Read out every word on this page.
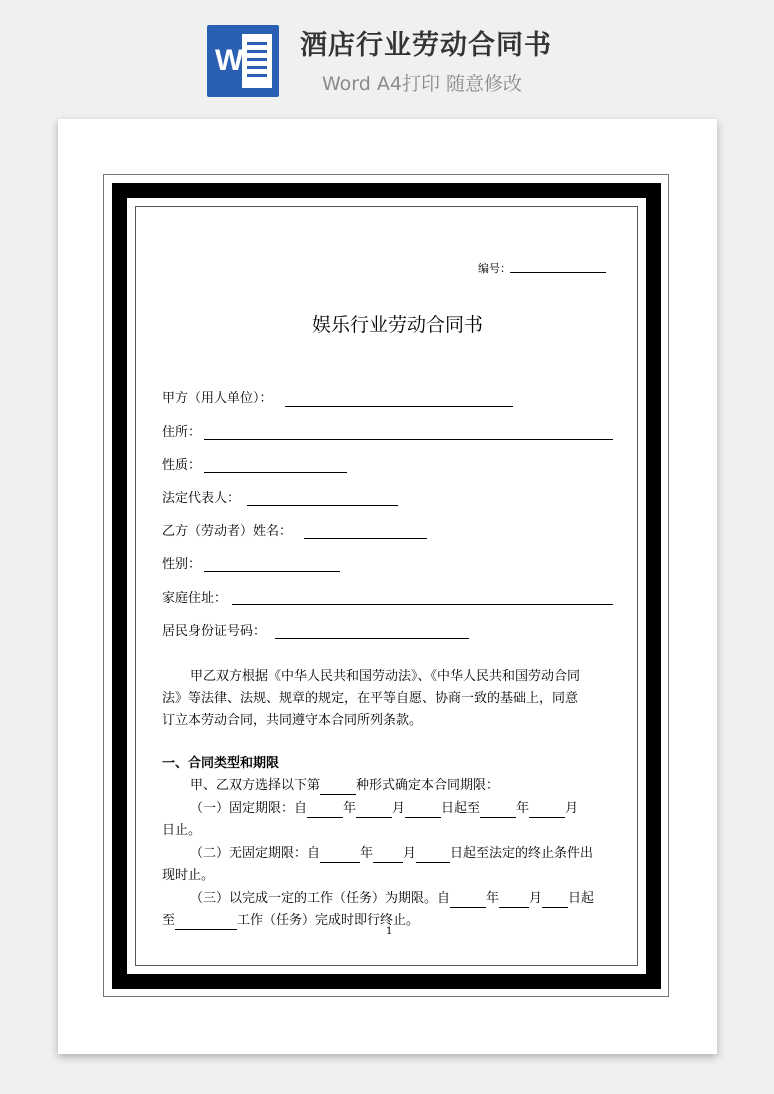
W 酒店行业劳动合同书
Word A4打印 随意修改
编号：
娱乐行业劳动合同书
甲方（用人单位）：
住所：
性质：
法定代表人：
乙方（劳动者）姓名：
性别：
家庭住址：
居民身份证号码：
甲乙双方根据《中华人民共和国劳动法》、《中华人民共和国劳动合同
法》等法律、法规、规章的规定，在平等自愿、协商一致的基础上，同意
订立本劳动合同，共同遵守本合同所列条款。
一、合同类型和期限
甲、乙双方选择以下第	种形式确定本合同期限：
（一）固定期限：自	年	月	日起至	年	月
日止。
（二）无固定期限：自	年 月	日起至法定的终止条件出
现时止。
（三）以完成一定的工作（任务）为期限。自	年 月 日起
至	工作（任务）完成时即行终止。
1
